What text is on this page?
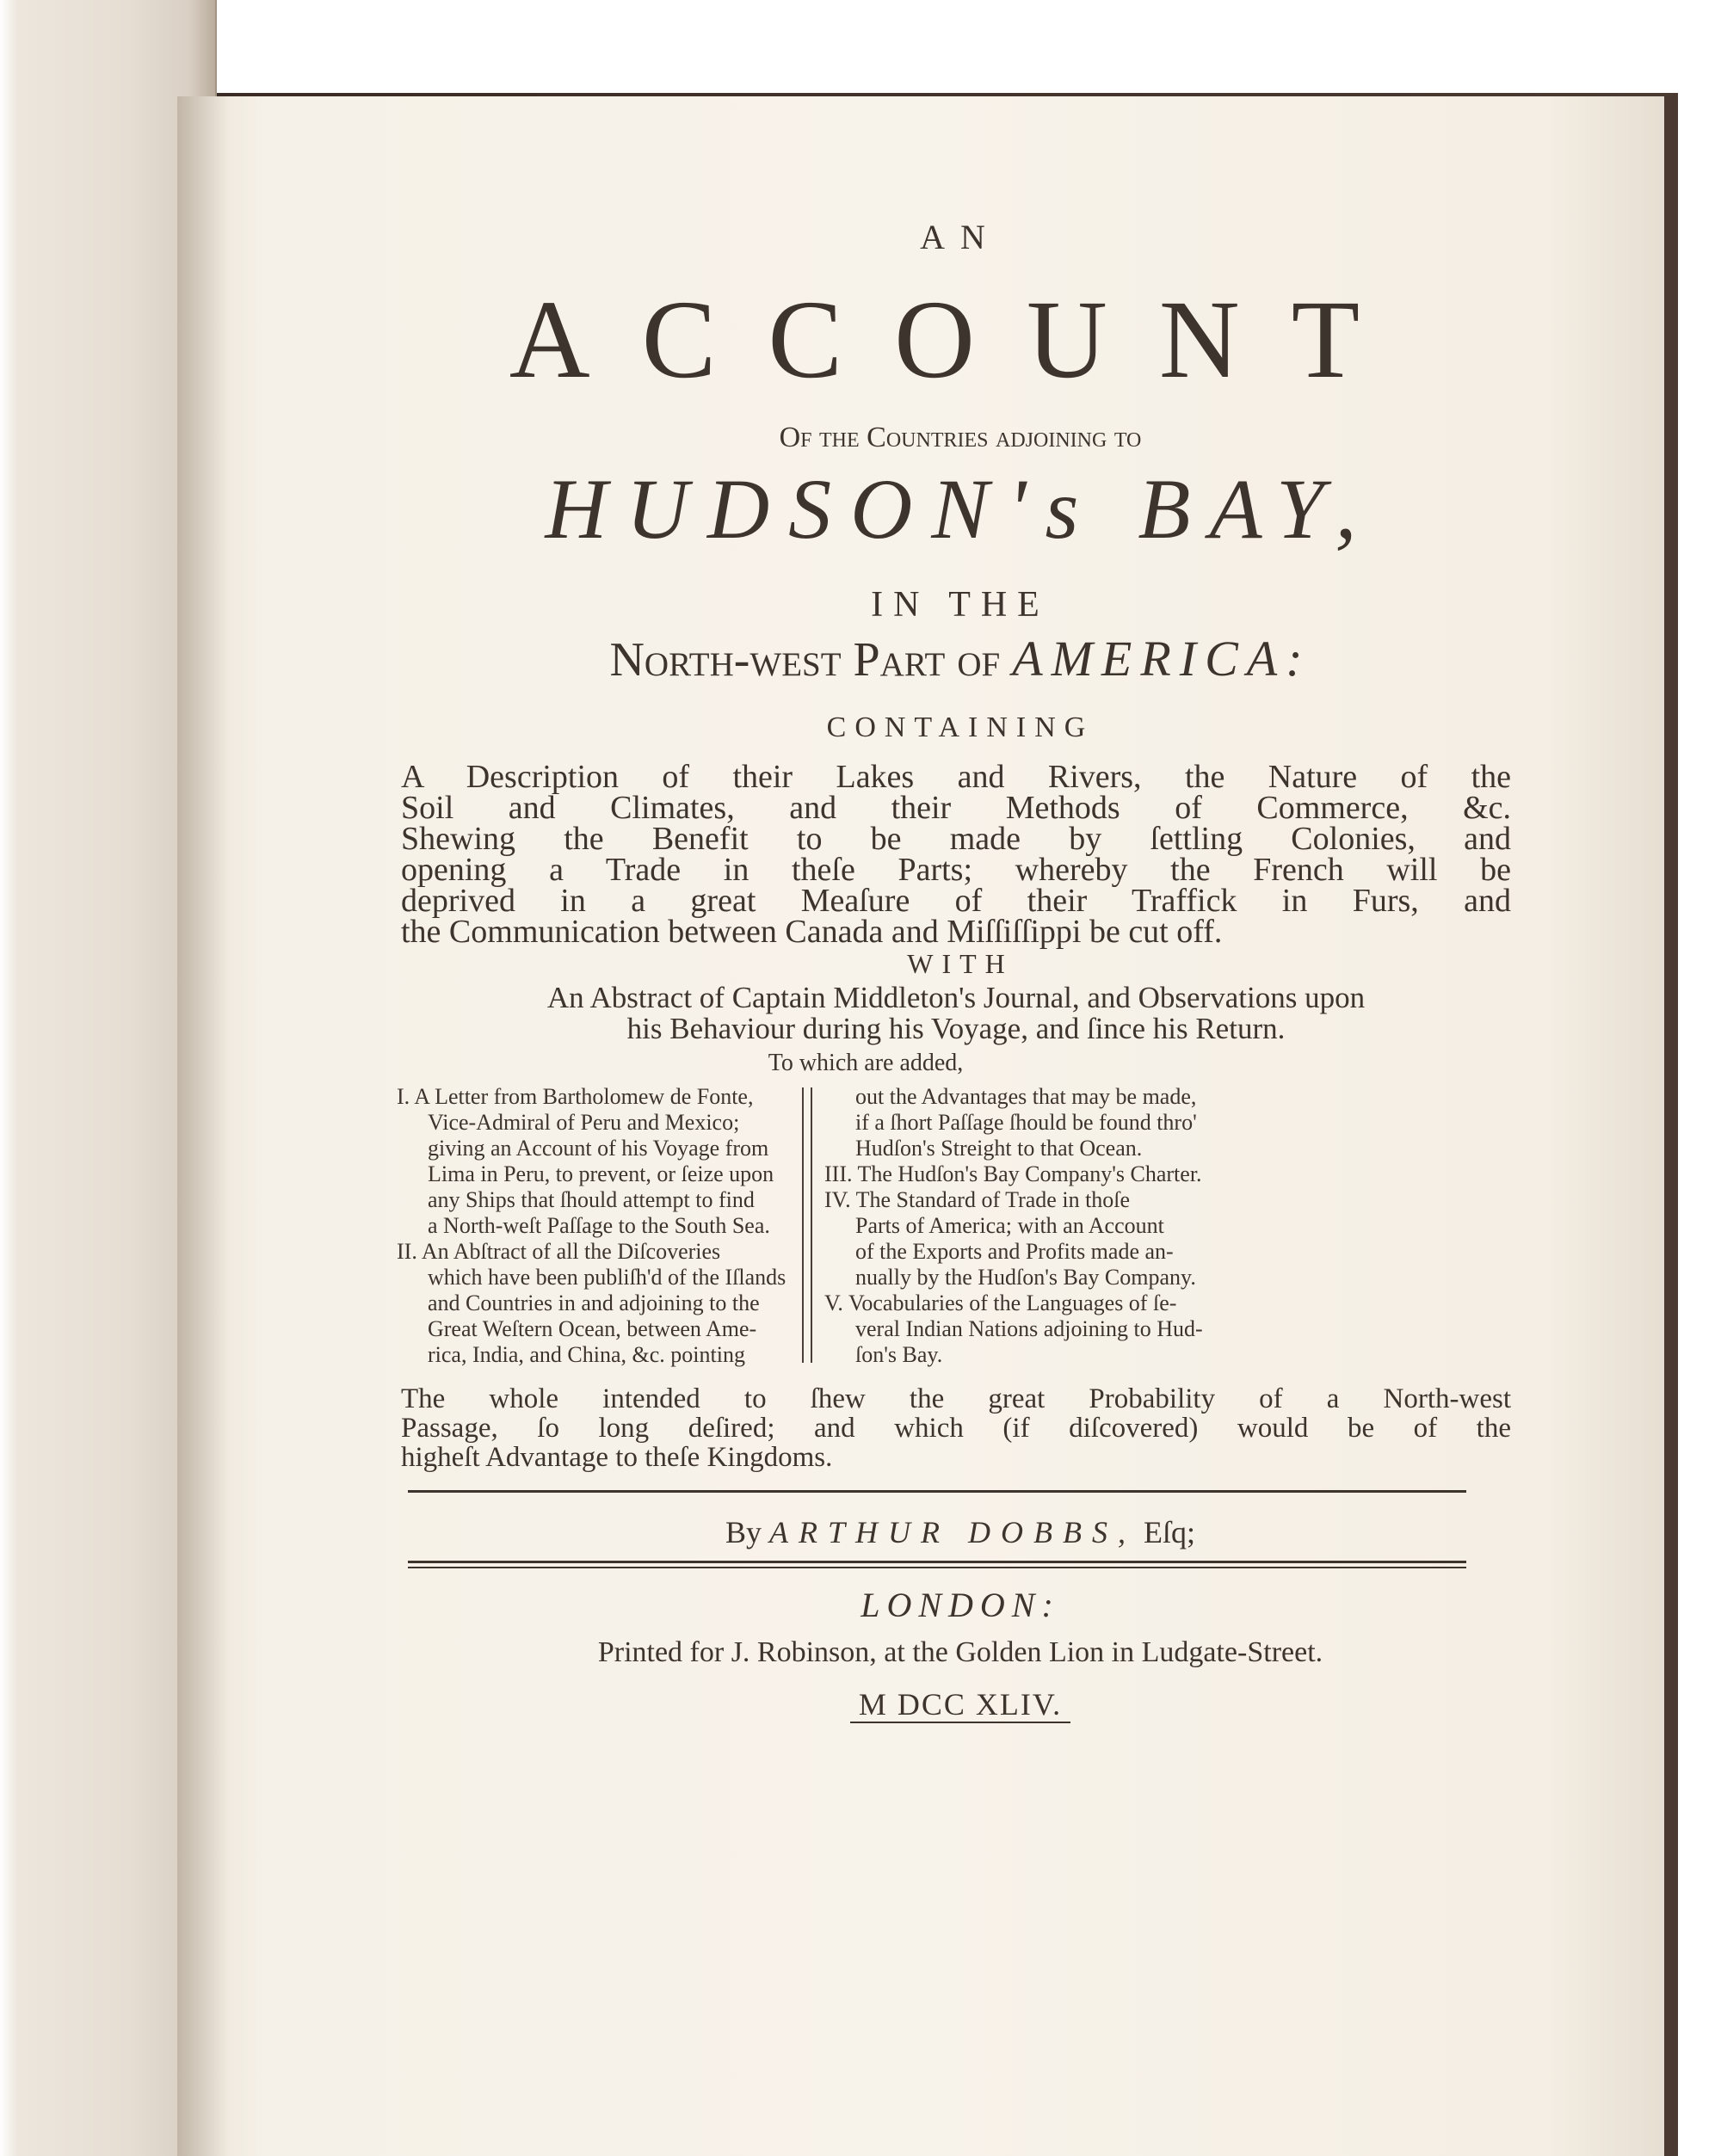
AN
ACCOUNT
Of the Countries adjoining to
HUDSON's BAY,
IN THE
North-west Part of AMERICA:
CONTAINING
A Description of their Lakes and Rivers, the Nature of the
Soil and Climates, and their Methods of Commerce, &c.
Shewing the Benefit to be made by ſettling Colonies, and
opening a Trade in theſe Parts; whereby the French will be
deprived in a great Meaſure of their Traffick in Furs, and
the Communication between Canada and Miſſiſſippi be cut off.
WITH
An Abstract of Captain Middleton's Journal, and Observations upon
his Behaviour during his Voyage, and ſince his Return.
To which are added,
I. A Letter from Bartholomew de Fonte,
Vice-Admiral of Peru and Mexico;
giving an Account of his Voyage from
Lima in Peru, to prevent, or ſeize upon
any Ships that ſhould attempt to find
a North-weſt Paſſage to the South Sea.
II. An Abſtract of all the Diſcoveries
which have been publiſh'd of the Iſlands
and Countries in and adjoining to the
Great Weſtern Ocean, between Ame-
rica, India, and China, &c. pointing
out the Advantages that may be made,
if a ſhort Paſſage ſhould be found thro'
Hudſon's Streight to that Ocean.
III. The Hudſon's Bay Company's Charter.
IV. The Standard of Trade in thoſe
Parts of America; with an Account
of the Exports and Profits made an-
nually by the Hudſon's Bay Company.
V. Vocabularies of the Languages of ſe-
veral Indian Nations adjoining to Hud-
ſon's Bay.
The whole intended to ſhew the great Probability of a North-west
Passage, ſo long deſired; and which (if diſcovered) would be of the
higheſt Advantage to theſe Kingdoms.
By ARTHUR DOBBS, Eſq;
LONDON:
Printed for J. Robinson, at the Golden Lion in Ludgate-Street.
M DCC XLIV.
